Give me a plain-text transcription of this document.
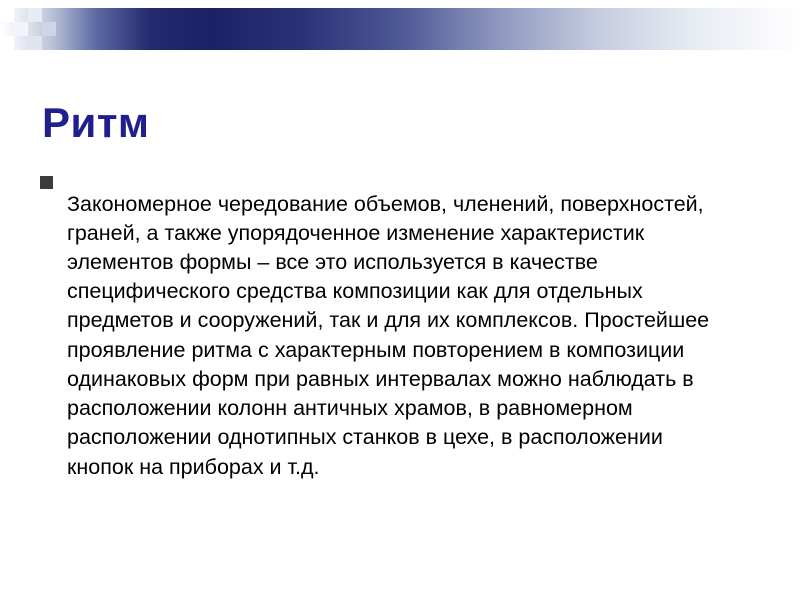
Ритм

Закономерное чередование объемов, членений, поверхностей, граней, а также упорядоченное изменение характеристик элементов формы – все это используется в качестве специфического средства композиции как для отдельных предметов и сооружений, так и для их комплексов. Простейшее проявление ритма с характерным повторением в композиции одинаковых форм при равных интервалах можно наблюдать в расположении колонн античных храмов, в равномерном расположении однотипных станков в цехе, в расположении кнопок на приборах и т.д.
